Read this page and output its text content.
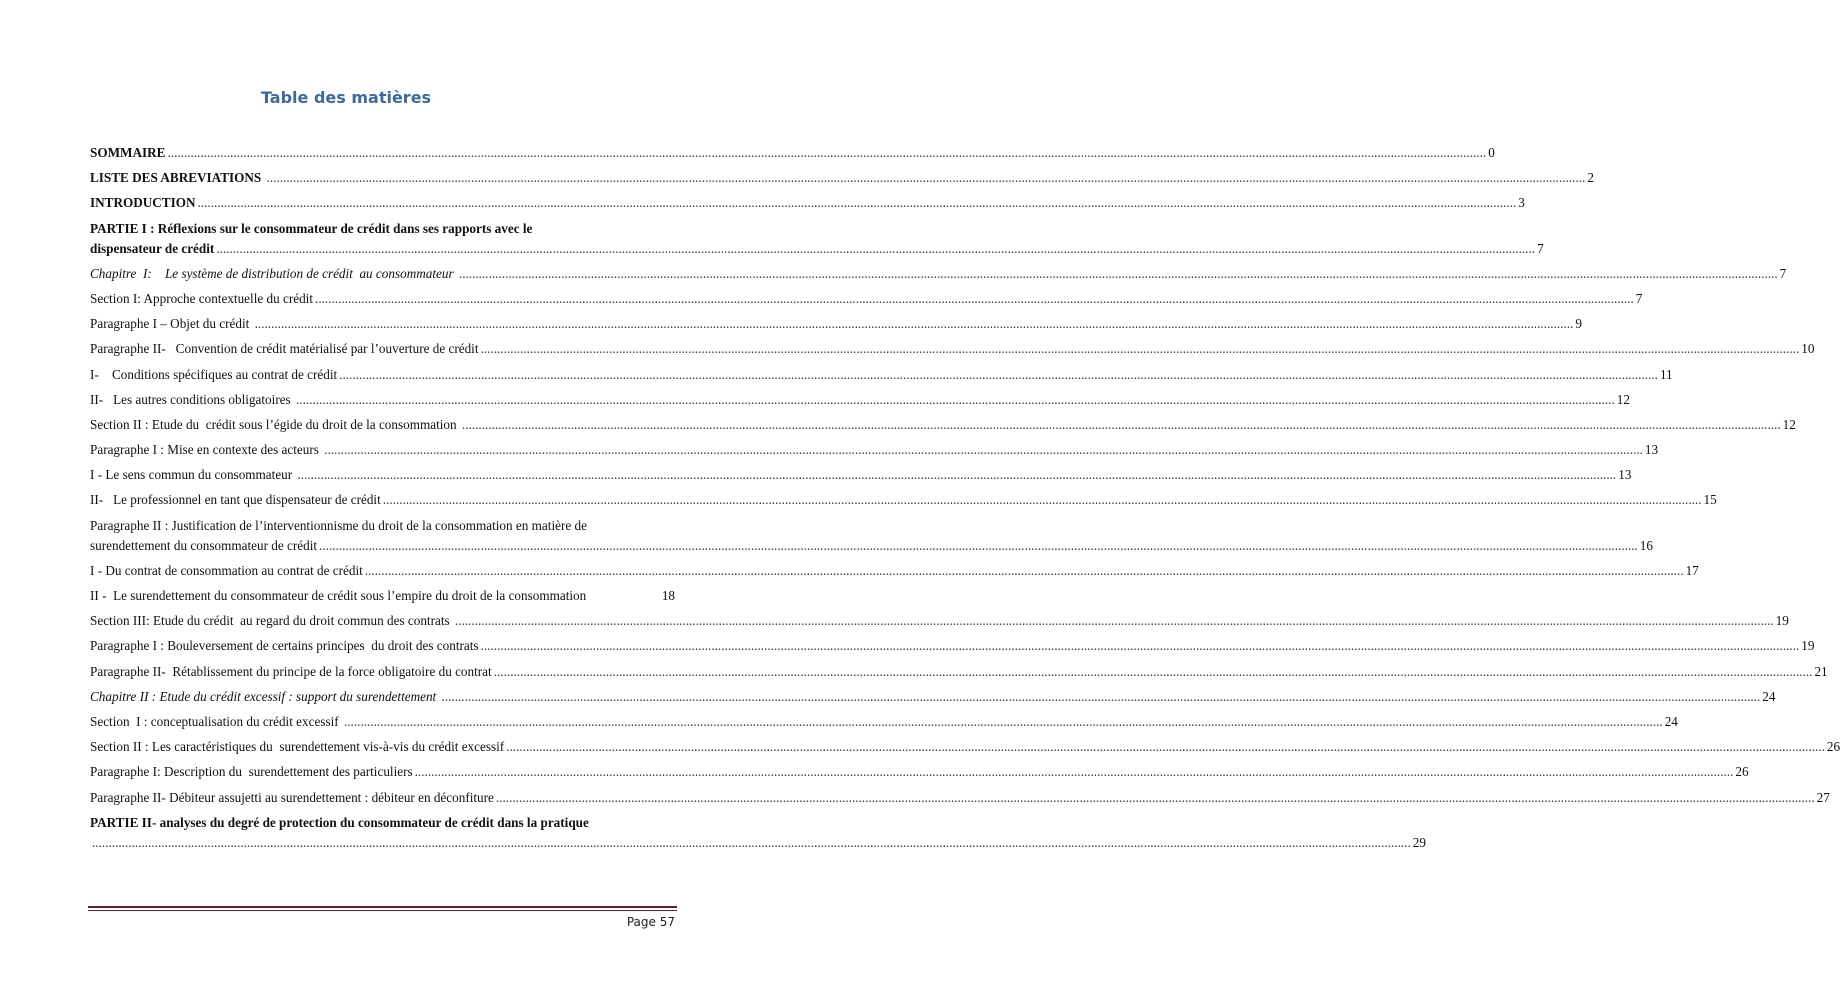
Table des matières
SOMMAIRE ................................................................................................................................................................................................................................................................................................................................................................................................................ 0
LISTE DES ABREVIATIONS ................................................................................................................................................................................................................................................................................................................................................................................................................ 2
INTRODUCTION ................................................................................................................................................................................................................................................................................................................................................................................................................ 3
PARTIE I : Réflexions sur le consommateur de crédit dans ses rapports avec le
dispensateur de crédit ................................................................................................................................................................................................................................................................................................................................................................................................................ 7
Chapitre  I:    Le système de distribution de crédit  au consommateur ................................................................................................................................................................................................................................................................................................................................................................................................................ 7
Section I: Approche contextuelle du crédit ................................................................................................................................................................................................................................................................................................................................................................................................................ 7
Paragraphe I – Objet du crédit ................................................................................................................................................................................................................................................................................................................................................................................................................ 9
Paragraphe II-   Convention de crédit matérialisé par l’ouverture de crédit ................................................................................................................................................................................................................................................................................................................................................................................................................ 10
I-    Conditions spécifiques au contrat de crédit ................................................................................................................................................................................................................................................................................................................................................................................................................ 11
II-   Les autres conditions obligatoires ................................................................................................................................................................................................................................................................................................................................................................................................................ 12
Section II : Etude du  crédit sous l’égide du droit de la consommation ................................................................................................................................................................................................................................................................................................................................................................................................................ 12
Paragraphe I : Mise en contexte des acteurs ................................................................................................................................................................................................................................................................................................................................................................................................................ 13
I - Le sens commun du consommateur ................................................................................................................................................................................................................................................................................................................................................................................................................ 13
II-   Le professionnel en tant que dispensateur de crédit ................................................................................................................................................................................................................................................................................................................................................................................................................ 15
Paragraphe II : Justification de l’interventionnisme du droit de la consommation en matière de
surendettement du consommateur de crédit ................................................................................................................................................................................................................................................................................................................................................................................................................ 16
I - Du contrat de consommation au contrat de crédit ................................................................................................................................................................................................................................................................................................................................................................................................................ 17
II -  Le surendettement du consommateur de crédit sous l’empire du droit de la consommation	18
Section III: Etude du crédit  au regard du droit commun des contrats ................................................................................................................................................................................................................................................................................................................................................................................................................ 19
Paragraphe I : Bouleversement de certains principes  du droit des contrats ................................................................................................................................................................................................................................................................................................................................................................................................................ 19
Paragraphe II-  Rétablissement du principe de la force obligatoire du contrat ................................................................................................................................................................................................................................................................................................................................................................................................................ 21
Chapitre II : Etude du crédit excessif : support du surendettement ................................................................................................................................................................................................................................................................................................................................................................................................................ 24
Section  I : conceptualisation du crédit excessif ................................................................................................................................................................................................................................................................................................................................................................................................................ 24
Section II : Les caractéristiques du  surendettement vis-à-vis du crédit excessif ................................................................................................................................................................................................................................................................................................................................................................................................................ 26
Paragraphe I: Description du  surendettement des particuliers ................................................................................................................................................................................................................................................................................................................................................................................................................ 26
Paragraphe II- Débiteur assujetti au surendettement : débiteur en déconfiture ................................................................................................................................................................................................................................................................................................................................................................................................................ 27
PARTIE II- analyses du degré de protection du consommateur de crédit dans la pratique
................................................................................................................................................................................................................................................................................................................................................................................................................ 29
Page 57
